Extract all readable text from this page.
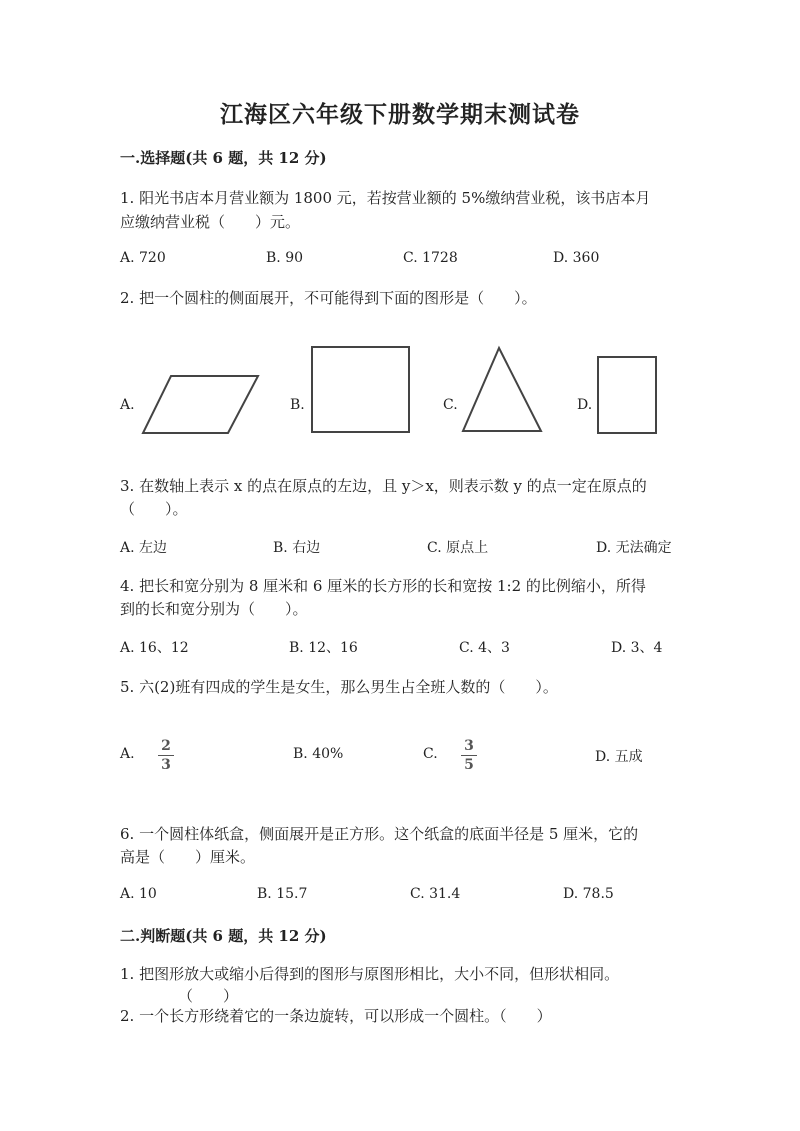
江海区六年级下册数学期末测试卷
一.选择题(共 6 题，共 12 分)
1. 阳光书店本月营业额为 1800 元，若按营业额的 5%缴纳营业税，该书店本月
应缴纳营业税（　　）元。
A. 720	B. 90	C. 1728	D. 360
2. 把一个圆柱的侧面展开，不可能得到下面的图形是（　　）。
A.	B.	C.	D.
3. 在数轴上表示 x 的点在原点的左边，且 y＞x，则表示数 y 的点一定在原点的
（　　）。
A. 左边	B. 右边	C. 原点上	D. 无法确定
4. 把长和宽分别为 8 厘米和 6 厘米的长方形的长和宽按 1:2 的比例缩小，所得
到的长和宽分别为（　　）。
A. 16、12	B. 12、16	C. 4、3	D. 3、4
5. 六(2)班有四成的学生是女生，那么男生占全班人数的（　　）。
A. 2
3
B. 40%	C. 3
5	D. 五成
6. 一个圆柱体纸盒，侧面展开是正方形。这个纸盒的底面半径是 5 厘米，它的
高是（　　）厘米。
A. 10	B. 15.7	C. 31.4	D. 78.5
二.判断题(共 6 题，共 12 分)
1. 把图形放大或缩小后得到的图形与原图形相比，大小不同，但形状相同。
（　　）
2. 一个长方形绕着它的一条边旋转，可以形成一个圆柱。（　　）
